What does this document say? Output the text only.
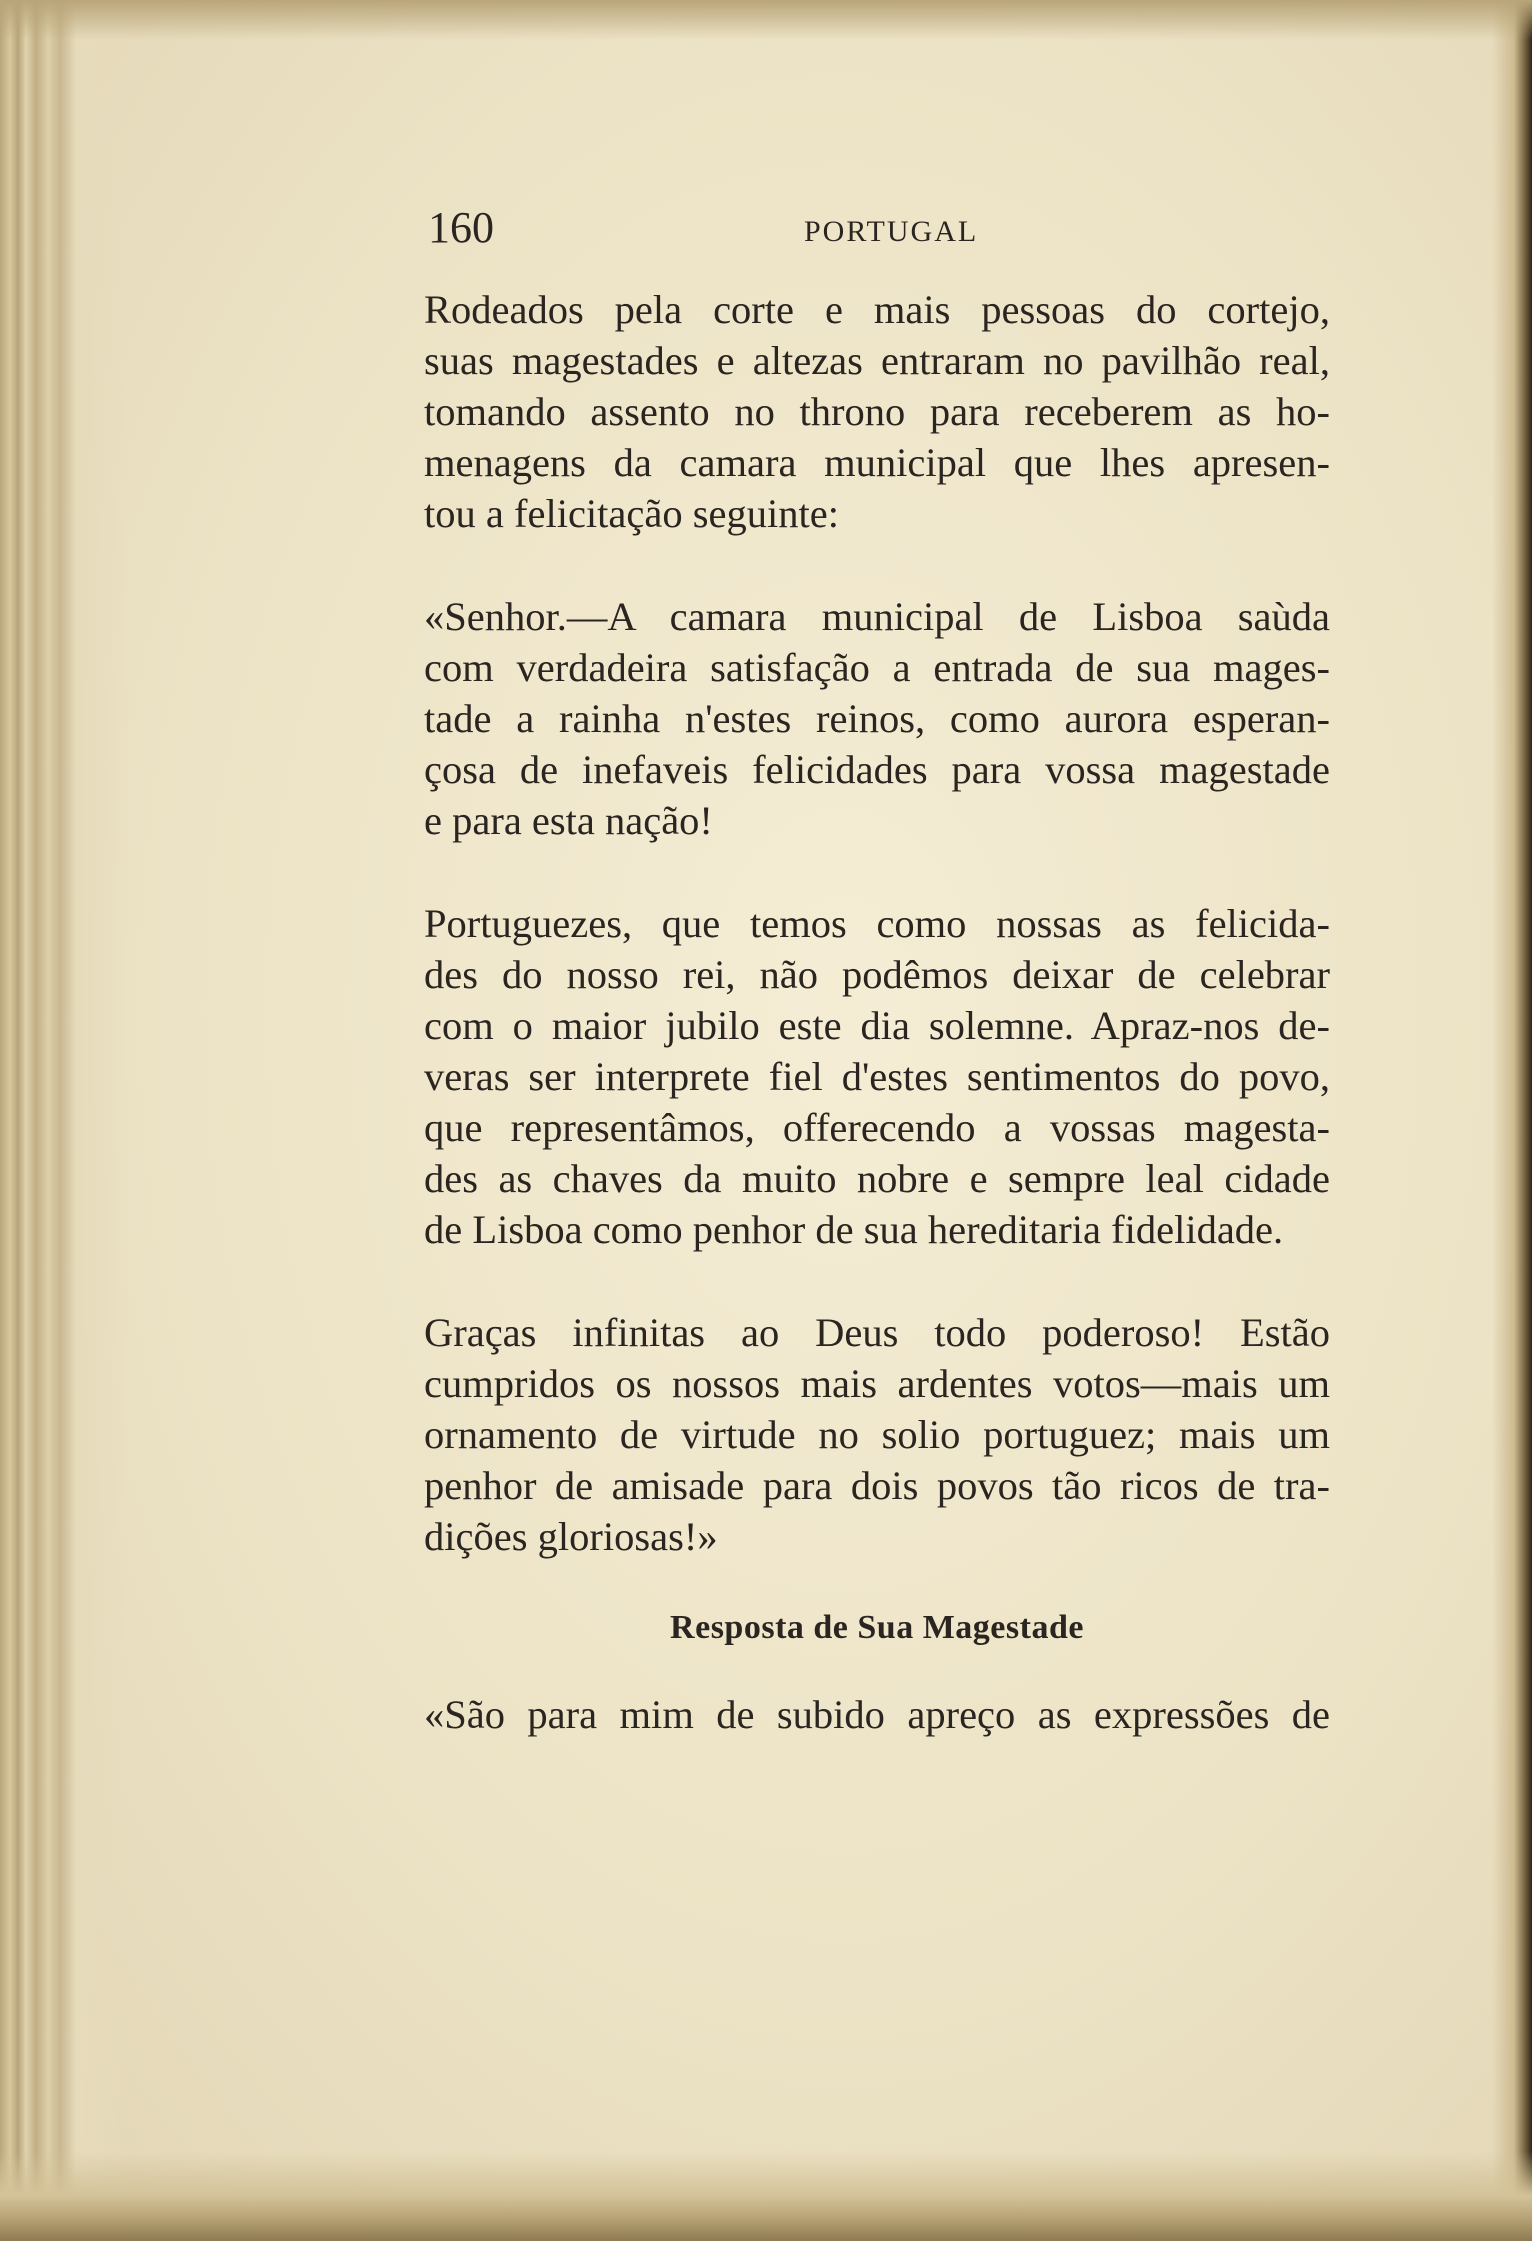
160	PORTUGAL

Rodeados pela corte e mais pessoas do cortejo,
suas magestades e altezas entraram no pavilhão real,
tomando assento no throno para receberem as ho-
menagens da camara municipal que lhes apresen-
tou a felicitação seguinte:

«Senhor.—A camara municipal de Lisboa saùda
com verdadeira satisfação a entrada de sua mages-
tade a rainha n'estes reinos, como aurora esperan-
çosa de inefaveis felicidades para vossa magestade
e para esta nação!

Portuguezes, que temos como nossas as felicida-
des do nosso rei, não podêmos deixar de celebrar
com o maior jubilo este dia solemne. Apraz-nos de-
veras ser interprete fiel d'estes sentimentos do povo,
que representâmos, offerecendo a vossas magesta-
des as chaves da muito nobre e sempre leal cidade
de Lisboa como penhor de sua hereditaria fidelidade.

Graças infinitas ao Deus todo poderoso! Estão
cumpridos os nossos mais ardentes votos—mais um
ornamento de virtude no solio portuguez; mais um
penhor de amisade para dois povos tão ricos de tra-
dições gloriosas!»

Resposta de Sua Magestade

«São para mim de subido apreço as expressões de
